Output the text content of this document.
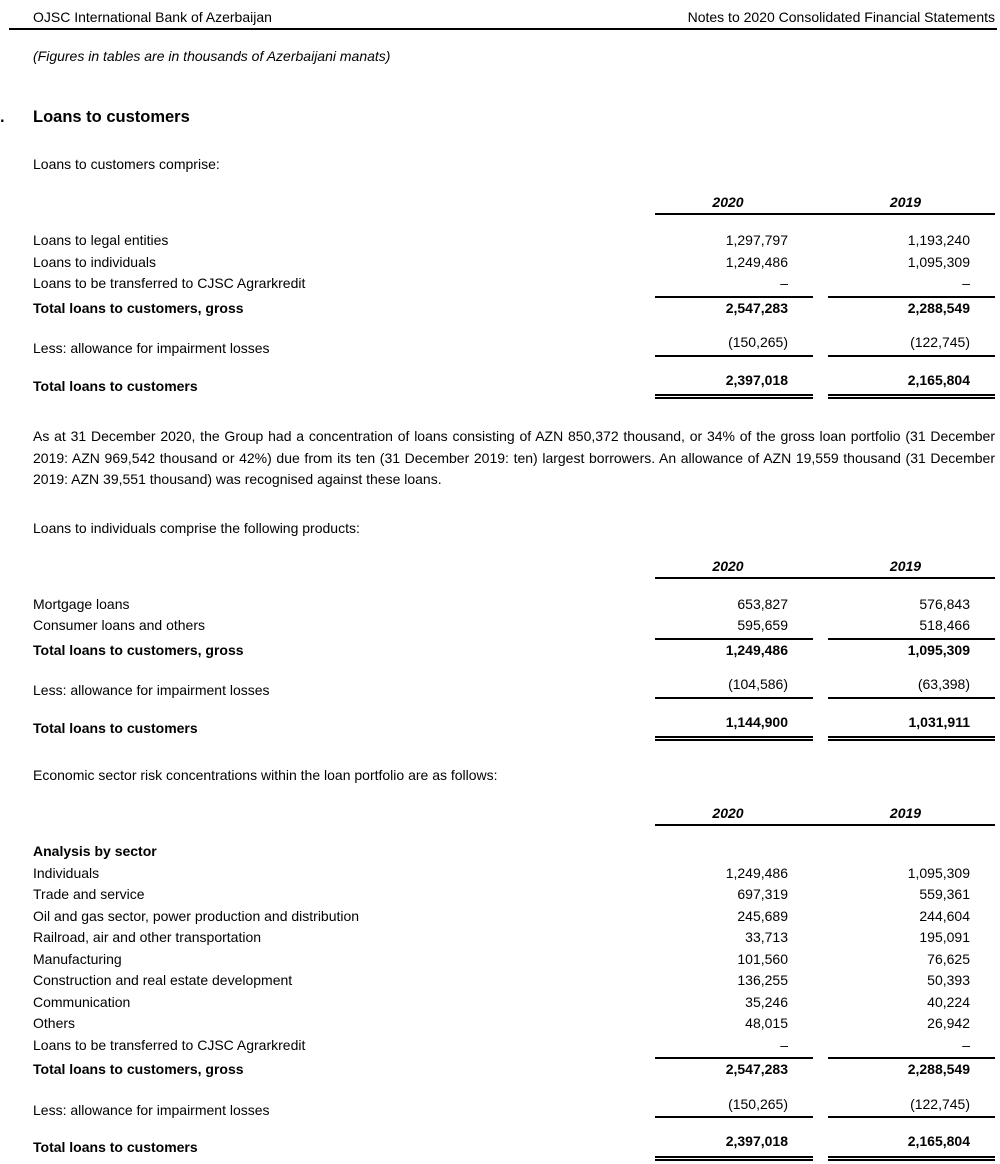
OJSC International Bank of Azerbaijan	Notes to 2020 Consolidated Financial Statements
(Figures in tables are in thousands of Azerbaijani manats)
. Loans to customers

Loans to customers comprise:

2020	2019
Loans to legal entities	1,297,797	1,193,240
Loans to individuals	1,249,486	1,095,309
Loans to be transferred to CJSC Agrarkredit	–	–
Total loans to customers, gross	2,547,283	2,288,549
Less: allowance for impairment losses	(150,265)	(122,745)
Total loans to customers	2,397,018	2,165,804

As at 31 December 2020, the Group had a concentration of loans consisting of AZN 850,372 thousand, or 34% of the gross loan portfolio (31 December 2019: AZN 969,542 thousand or 42%) due from its ten (31 December 2019: ten) largest borrowers. An allowance of AZN 19,559 thousand (31 December 2019: AZN 39,551 thousand) was recognised against these loans.

Loans to individuals comprise the following products:

2020	2019
Mortgage loans	653,827	576,843
Consumer loans and others	595,659	518,466
Total loans to customers, gross	1,249,486	1,095,309
Less: allowance for impairment losses	(104,586)	(63,398)
Total loans to customers	1,144,900	1,031,911

Economic sector risk concentrations within the loan portfolio are as follows:

2020	2019
Analysis by sector
Individuals	1,249,486	1,095,309
Trade and service	697,319	559,361
Oil and gas sector, power production and distribution	245,689	244,604
Railroad, air and other transportation	33,713	195,091
Manufacturing	101,560	76,625
Construction and real estate development	136,255	50,393
Communication	35,246	40,224
Others	48,015	26,942
Loans to be transferred to CJSC Agrarkredit	–	–
Total loans to customers, gross	2,547,283	2,288,549
Less: allowance for impairment losses	(150,265)	(122,745)
Total loans to customers	2,397,018	2,165,804
